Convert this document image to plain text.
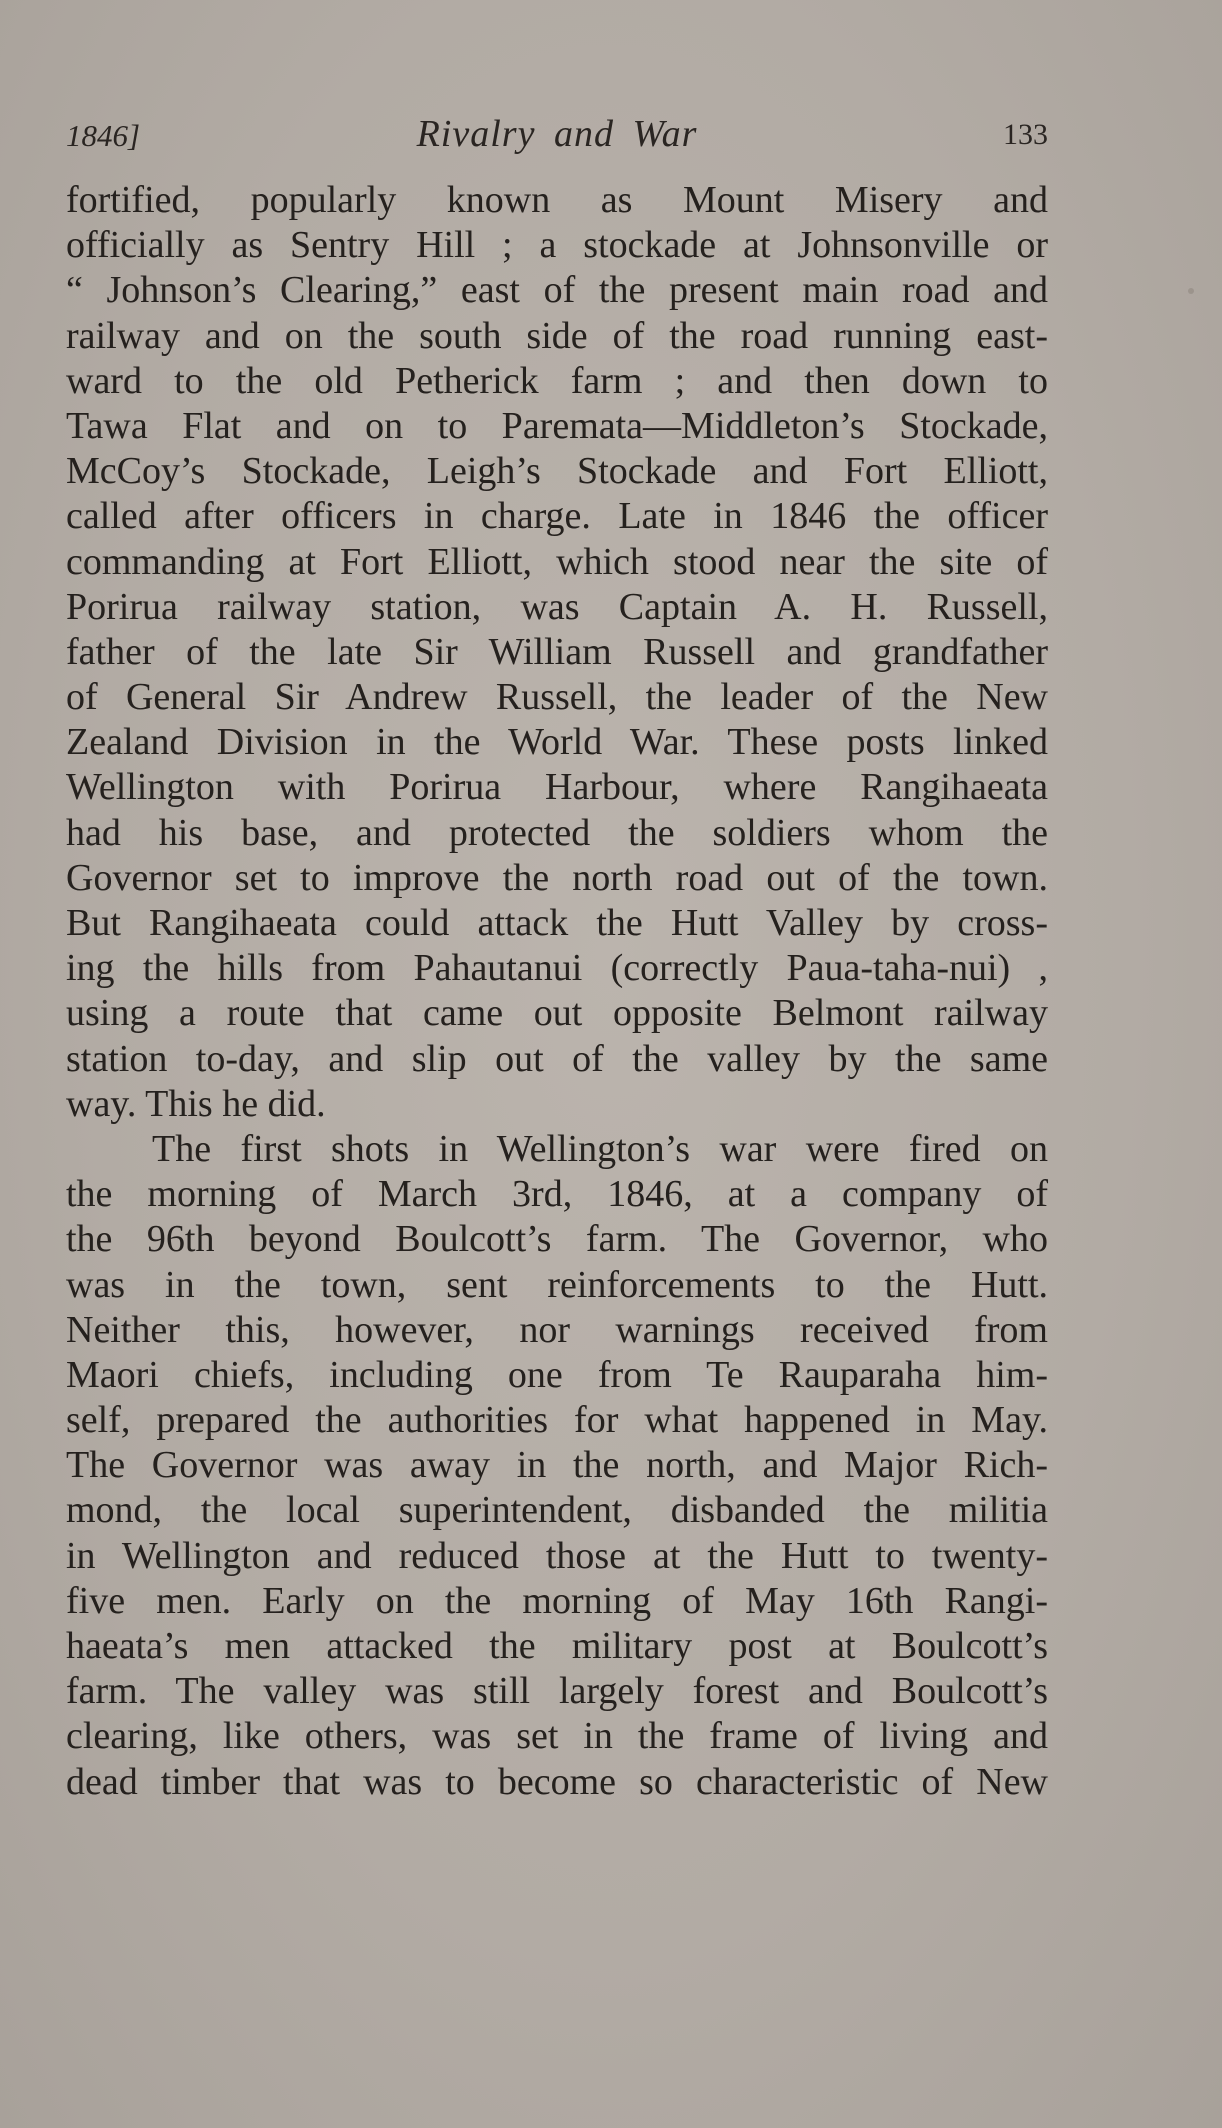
1846]	Rivalry and War	133
fortified, popularly known as Mount Misery and
officially as Sentry Hill ; a stockade at Johnsonville or
“ Johnson’s Clearing,” east of the present main road and
railway and on the south side of the road running east-
ward to the old Petherick farm ; and then down to
Tawa Flat and on to Paremata—Middleton’s Stockade,
McCoy’s Stockade, Leigh’s Stockade and Fort Elliott,
called after officers in charge. Late in 1846 the officer
commanding at Fort Elliott, which stood near the site of
Porirua railway station, was Captain A. H. Russell,
father of the late Sir William Russell and grandfather
of General Sir Andrew Russell, the leader of the New
Zealand Division in the World War. These posts linked
Wellington with Porirua Harbour, where Rangihaeata
had his base, and protected the soldiers whom the
Governor set to improve the north road out of the town.
But Rangihaeata could attack the Hutt Valley by cross-
ing the hills from Pahautanui (correctly Paua-taha-nui) ,
using a route that came out opposite Belmont railway
station to-day, and slip out of the valley by the same
way. This he did.
The first shots in Wellington’s war were fired on
the morning of March 3rd, 1846, at a company of
the 96th beyond Boulcott’s farm. The Governor, who
was in the town, sent reinforcements to the Hutt.
Neither this, however, nor warnings received from
Maori chiefs, including one from Te Rauparaha him-
self, prepared the authorities for what happened in May.
The Governor was away in the north, and Major Rich-
mond, the local superintendent, disbanded the militia
in Wellington and reduced those at the Hutt to twenty-
five men. Early on the morning of May 16th Rangi-
haeata’s men attacked the military post at Boulcott’s
farm. The valley was still largely forest and Boulcott’s
clearing, like others, was set in the frame of living and
dead timber that was to become so characteristic of New
